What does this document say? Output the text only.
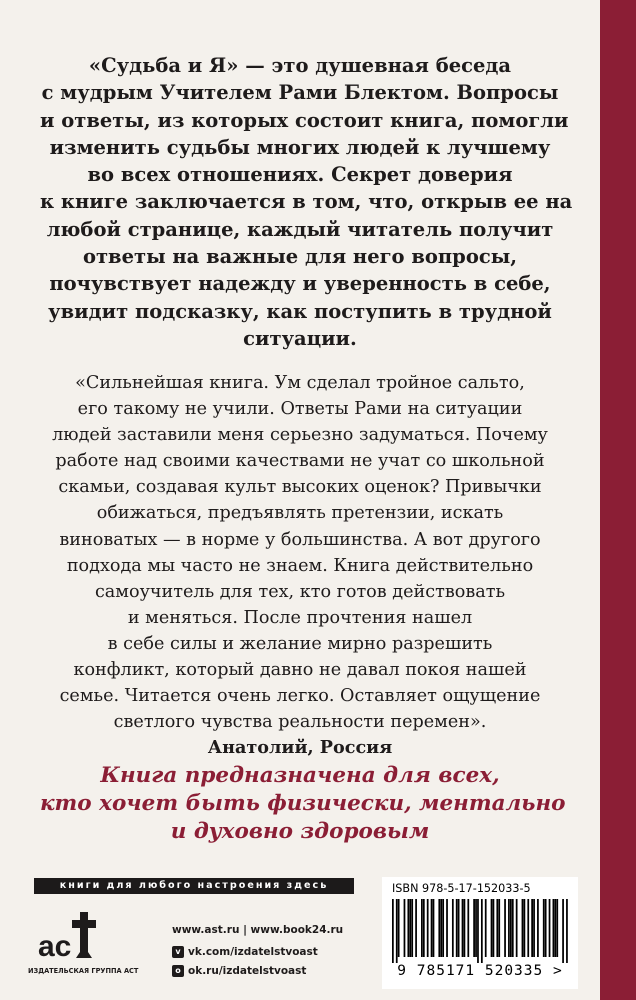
«Судьба и Я» — это душевная беседа
с мудрым Учителем Рами Блектом. Вопросы
и ответы, из которых состоит книга, помогли
изменить судьбы многих людей к лучшему
во всех отношениях. Секрет доверия
к книге заключается в том, что, открыв ее на
любой странице, каждый читатель получит
ответы на важные для него вопросы,
почувствует надежду и уверенность в себе,
увидит подсказку, как поступить в трудной
ситуации.
«Сильнейшая книга. Ум сделал тройное сальто,
его такому не учили. Ответы Рами на ситуации
людей заставили меня серьезно задуматься. Почему
работе над своими качествами не учат со школьной
скамьи, создавая культ высоких оценок? Привычки
обижаться, предъявлять претензии, искать
виноватых — в норме у большинства. А вот другого
подхода мы часто не знаем. Книга действительно
самоучитель для тех, кто готов действовать
и меняться. После прочтения нашел
в себе силы и желание мирно разрешить
конфликт, который давно не давал покоя нашей
семье. Читается очень легко. Оставляет ощущение
светлого чувства реальности перемен».
Анатолий, Россия
Книга предназначена для всех,
кто хочет быть физически, ментально
и духовно здоровым
книги для любого настроения здесь
ac
ИЗДАТЕЛЬСКАЯ ГРУППА АСТ
www.ast.ru | www.book24.ru
v vk.com/izdatelstvoast
o ok.ru/izdatelstvoast
ISBN 978-5-17-152033-5
9 785171 520335 >
